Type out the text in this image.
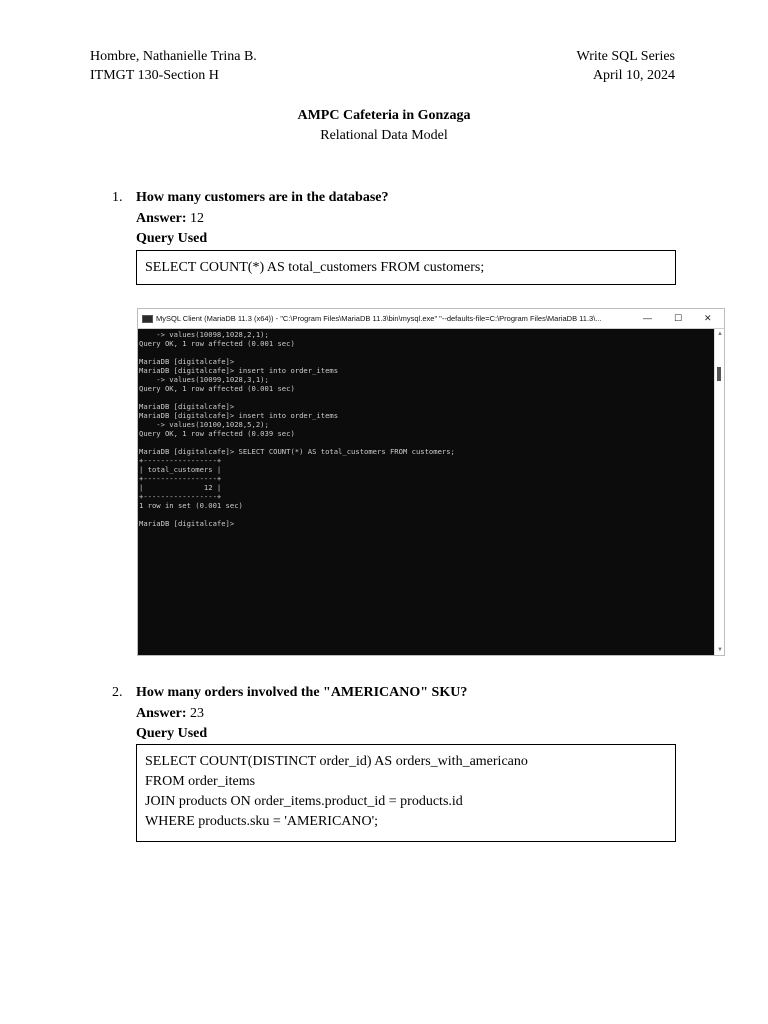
Hombre, Nathanielle Trina B.
ITMGT 130-Section H
Write SQL Series
April 10, 2024
AMPC Cafeteria in Gonzaga
Relational Data Model
1. How many customers are in the database?
Answer: 12
Query Used
SELECT COUNT(*) AS total_customers FROM customers;
MySQL Client (MariaDB 11.3 (x64)) - "C:\Program Files\MariaDB 11.3\bin\mysql.exe" "--defaults-file=C:\Program Files\MariaDB 11.3\...	— ☐ ✕
-> values(10098,1028,2,1);
Query OK, 1 row affected (0.001 sec)
MariaDB [digitalcafe]>
MariaDB [digitalcafe]> insert into order_items
-> values(10099,1028,3,1);
Query OK, 1 row affected (0.001 sec)
MariaDB [digitalcafe]>
MariaDB [digitalcafe]> insert into order_items
-> values(10100,1028,5,2);
Query OK, 1 row affected (0.039 sec)
MariaDB [digitalcafe]> SELECT COUNT(*) AS total_customers FROM customers;
+-----------------+
| total_customers |
+-----------------+
|              12 |
+-----------------+
1 row in set (0.001 sec)
MariaDB [digitalcafe]>
▲
▼
2. How many orders involved the "AMERICANO" SKU?
Answer: 23
Query Used
SELECT COUNT(DISTINCT order_id) AS orders_with_americano
FROM order_items
JOIN products ON order_items.product_id = products.id
WHERE products.sku = 'AMERICANO';
